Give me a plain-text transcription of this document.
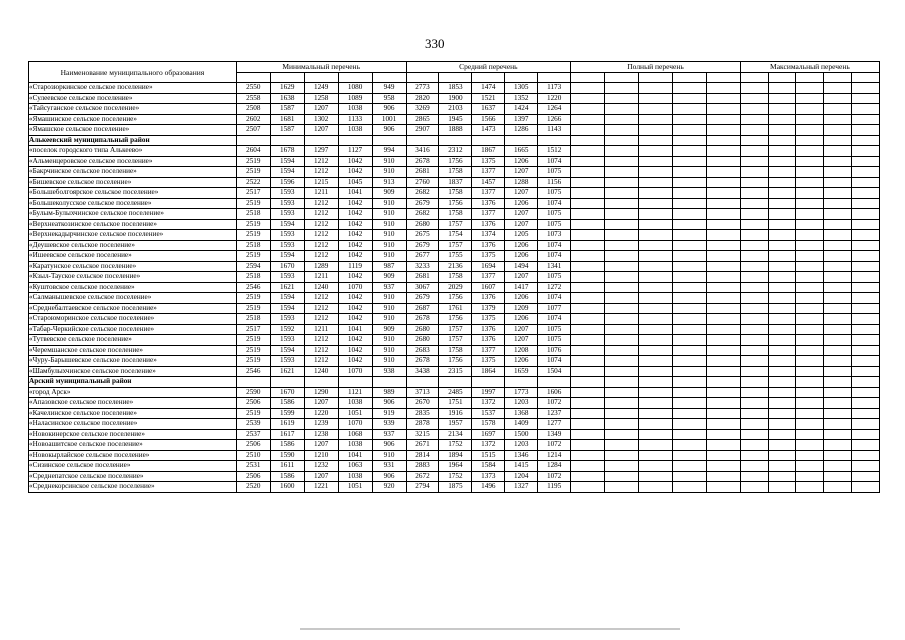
330
Наименование муниципального образования	Минимальный перечень					Средний перечень					Полный перечень					Максимальный перечень				

«Старозюркинское сельское поселение»	2550	1629	1249	1080	949	2773	1853	1474	1305	1173										
«Сулеевское сельское поселение»	2558	1638	1258	1089	958	2820	1900	1521	1352	1220										
«Тайсуганское сельское поселение»	2508	1587	1207	1038	906	3269	2103	1637	1424	1264										
«Ямашинское сельское поселение»	2602	1681	1302	1133	1001	2865	1945	1566	1397	1266										
«Ямашское сельское поселение»	2507	1587	1207	1038	906	2907	1888	1473	1286	1143										
Алькеевский муниципальный район																				
«поселок городского типа Алькеево»	2604	1678	1297	1127	994	3416	2312	1867	1665	1512										
«Альменцеровское сельское поселение»	2519	1594	1212	1042	910	2678	1756	1375	1206	1074										
«Бакрчинское сельское поселение»	2519	1594	1212	1042	910	2681	1758	1377	1207	1075										
«Бишевское сельское поселение»	2522	1596	1215	1045	913	2760	1837	1457	1288	1156										
«Большеболгоярское сельское поселение»	2517	1593	1211	1041	909	2682	1758	1377	1207	1075										
«Большеколусское сельское поселение»	2519	1593	1212	1042	910	2679	1756	1376	1206	1074										
«Булым-Булыхчинское сельское поселение»	2518	1593	1212	1042	910	2682	1758	1377	1207	1075										
«Верхнеаткозинское сельское поселение»	2519	1594	1212	1042	910	2680	1757	1376	1207	1075										
«Верхнекадырчинское сельское поселение»	2519	1593	1212	1042	910	2675	1754	1374	1205	1073										
«Деушевское сельское поселение»	2518	1593	1212	1042	910	2679	1757	1376	1206	1074										
«Ишеевское сельское поселение»	2519	1594	1212	1042	910	2677	1755	1375	1206	1074										
«Каратунское сельское поселение»	2594	1670	1289	1119	987	3233	2136	1694	1494	1341										
«Кзыл-Тауское сельское поселение»	2518	1593	1211	1042	909	2681	1758	1377	1207	1075										
«Куштовское сельское поселение»	2546	1621	1240	1070	937	3067	2029	1607	1417	1272										
«Салманышевское сельское поселение»	2519	1594	1212	1042	910	2679	1756	1376	1206	1074										
«Среднебалтаевское сельское поселение»	2519	1594	1212	1042	910	2687	1761	1379	1209	1077										
«Староюморинское сельское поселение»	2518	1593	1212	1042	910	2678	1756	1375	1206	1074										
«Табар-Черкийское сельское поселение»	2517	1592	1211	1041	909	2680	1757	1376	1207	1075										
«Тутвевское сельское поселение»	2519	1593	1212	1042	910	2680	1757	1376	1207	1075										
«Черемшанское сельское поселение»	2519	1594	1212	1042	910	2683	1758	1377	1208	1076										
«Чуру-Барышевское сельское поселение»	2519	1593	1212	1042	910	2678	1756	1375	1206	1074										
«Шамбулыхчинское сельское поселение»	2546	1621	1240	1070	938	3438	2315	1864	1659	1504										
Арский муниципальный район																				
«город Арск»	2590	1670	1290	1121	989	3713	2485	1997	1773	1606										
«Апазовское сельское поселение»	2506	1586	1207	1038	906	2670	1751	1372	1203	1072										
«Качелинское сельское поселение»	2519	1599	1220	1051	919	2835	1916	1537	1368	1237										
«Наласинское сельское поселение»	2539	1619	1239	1070	939	2878	1957	1578	1409	1277										
«Новокинерское сельское поселение»	2537	1617	1238	1068	937	3215	2134	1697	1500	1349										
«Новоашитское сельское поселение»	2506	1586	1207	1038	906	2671	1752	1372	1203	1072										
«Новокырлайское сельское поселение»	2510	1590	1210	1041	910	2814	1894	1515	1346	1214										
«Сизинское сельское поселение»	2531	1611	1232	1063	931	2883	1964	1584	1415	1284										
«Среднепатское сельское поселение»	2506	1586	1207	1038	906	2672	1752	1373	1204	1072										
«Среднекорсинское сельское поселение»	2520	1600	1221	1051	920	2794	1875	1496	1327	1195										
